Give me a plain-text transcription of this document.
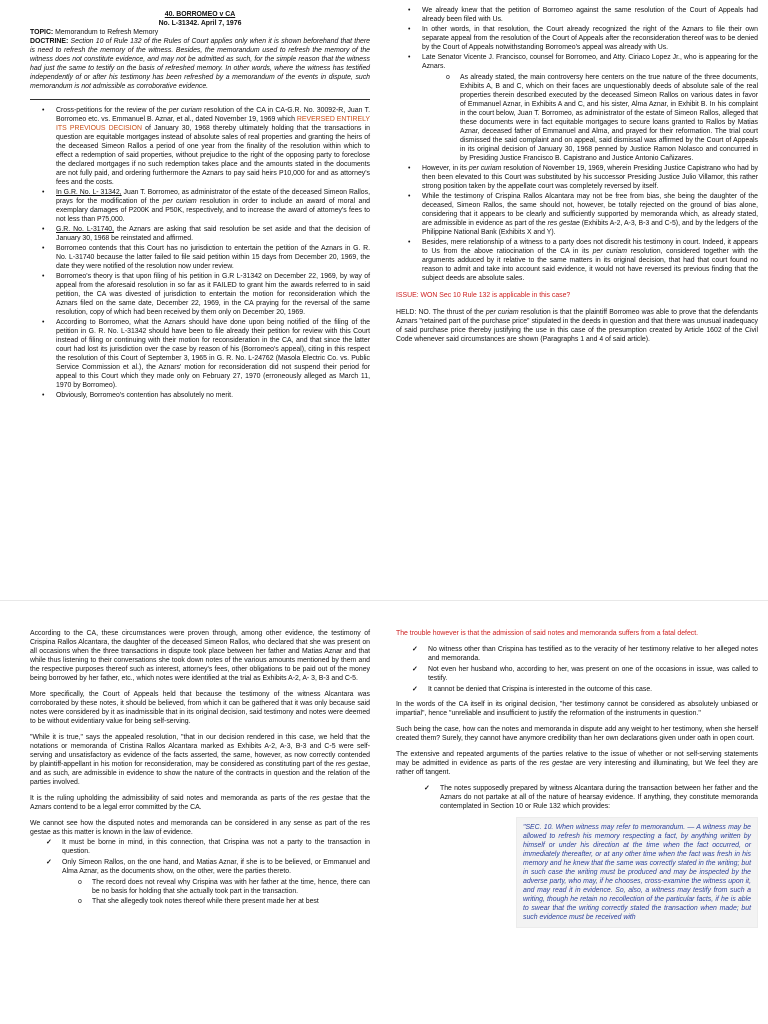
40. BORROMEO v CA
No. L-31342. April 7, 1976
TOPIC: Memorandum to Refresh Memory
DOCTRINE: Section 10 of Rule 132 of the Rules of Court applies only when it is shown beforehand that there is need to refresh the memory of the witness. Besides, the memorandum used to refresh the memory of the witness does not constitute evidence, and may not be admitted as such, for the simple reason that the witness had just the same to testify on the basis of refreshed memory. In other words, where the witness has testified independently of or after his testimony has been refreshed by a memorandum of the events in dispute, such memorandum is not admissible as corroborative evidence.
• Cross-petitions for the review of the per curiam resolution of the CA in CA-G.R. No. 30092-R, Juan T. Borromeo etc. vs. Emmanuel B. Aznar, et al., dated November 19, 1969 which REVERSED ENTIRELY ITS PREVIOUS DECISION of January 30, 1968 thereby ultimately holding that the transactions in question are equitable mortgages instead of absolute sales of real properties and granting the heirs of the deceased Simeon Rallos a period of one year from the finality of the resolution within which to effect a redemption of said properties, without prejudice to the right of the opposing party to foreclose the declared mortgages if no such redemption takes place and the amounts stated in the documents are not fully paid, and ordering furthermore the Aznars to pay said heirs P10,000 for and as attorney's fees and the costs.
• In G.R. No. L- 31342, Juan T. Borromeo, as administrator of the estate of the deceased Simeon Rallos, prays for the modification of the per curiam resolution in order to include an award of moral and exemplary damages of P200K and P50K, respectively, and to increase the award of attorney's fees to not less than P75,000.
• G.R. No. L-31740, the Aznars are asking that said resolution be set aside and that the decision of January 30, 1968 be reinstated and affirmed.
• Borromeo contends that this Court has no jurisdiction to entertain the petition of the Aznars in G. R. No. L-31740 because the latter failed to file said petition within 15 days from December 20, 1969, the date they were notified of the resolution now under review.
• Borromeo's theory is that upon filing of his petition in G.R L-31342 on December 22, 1969, by way of appeal from the aforesaid resolution in so far as it FAILED to grant him the awards referred to in said petition, the CA was divested of jurisdiction to entertain the motion for reconsideration which the Aznars filed on the same date, December 22, 1969, in the CA praying for the reversal of the same resolution, copy of which had been received by them only on December 20, 1969.
• According to Borromeo, what the Aznars should have done upon being notified of the filing of the petition in G. R. No. L-31342 should have been to file already their petition for review with this Court instead of filing or continuing with their motion for reconsideration in the CA, and that since the latter court had lost its jurisdiction over the case by reason of his (Borromeo's appeal), citing in this respect the resolution of this Court of September 3, 1965 in G. R. No. L-24762 (Masola Electric Co. vs. Public Service Commission et al.), the Aznars' motion for reconsideration did not suspend their period for appeal to this Court which they made only on February 27, 1970 (erroneously alleged as March 11, 1970 by Borromeo).
• Obviously, Borromeo's contention has absolutely no merit.
• We already knew that the petition of Borromeo against the same resolution of the Court of Appeals had already been filed with Us.
• In other words, in that resolution, the Court already recognized the right of the Aznars to file their own separate appeal from the resolution of the Court of Appeals after the reconsideration thereof was to be denied by the Court of Appeals notwithstanding Borromeo's appeal was already with Us.
• Late Senator Vicente J. Francisco, counsel for Borromeo, and Atty. Ciriaco Lopez Jr., who is appearing for the Aznars.
o As already stated, the main controversy here centers on the true nature of the three documents, Exhibits A, B and C, which on their faces are unquestionably deeds of absolute sale of the real properties therein described executed by the deceased Simeon Rallos on various dates in favor of Emmanuel Aznar, in Exhibits A and C, and his sister, Alma Aznar, in Exhibit B. In his complaint in the court below, Juan T. Borromeo, as administrator of the estate of Simeon Rallos, alleged that these documents were in fact equitable mortgages to secure loans granted to Rallos by Matias Aznar, deceased father of Emmanuel and Alma, and prayed for their reformation. The trial court dismissed the said complaint and on appeal, said dismissal was affirmed by the Court of Appeals in its original decision of January 30, 1968 penned by Justice Ramon Nolasco and concurred in by Presiding Justice Francisco B. Capistrano and Justice Antonio Cañizares.
• However, in its per curiam resolution of November 19, 1969, wherein Presiding Justice Capistrano who had by then been elevated to this Court was substituted by his successor Presiding Justice Julio Villamor, this rather strong position taken by the appellate court was completely reversed by itself.
• While the testimony of Crispina Rallos Alcantara may not be free from bias, she being the daughter of the deceased, Simeon Rallos, the same should not, however, be totally rejected on the ground of bias alone, considering that it appears to be clearly and sufficiently supported by memoranda which, as already stated, are admissible in evidence as part of the res gestae (Exhibits A-2, A-3, B-3 and C-5), and by the ledgers of the Philippine National Bank (Exhibits X and Y).
• Besides, mere relationship of a witness to a party does not discredit his testimony in court. Indeed, it appears to Us from the above ratiocination of the CA in its per curiam resolution, considered together with the arguments adduced by it relative to the same matters in its original decision, that had that court found no reason to admit and take into account said evidence, it would not have reversed its previous finding that the subject deeds are absolute sales.
ISSUE: WON Sec 10 Rule 132 is applicable in this case?

HELD: NO. The thrust of the per curiam resolution is that the plaintiff Borromeo was able to prove that the defendants Aznars "retained part of the purchase price" stipulated in the deeds in question and that there was unusual inadequacy of said purchase price thereby justifying the use in this case of the presumption created by Article 1602 of the Civil Code whenever said circumstances are shown (Paragraphs 1 and 4 of said article).

According to the CA, these circumstances were proven through, among other evidence, the testimony of Crispina Rallos Alcantara, the daughter of the deceased Simeon Rallos, who declared that she was present on all occasions when the three transactions in dispute took place between her father and Matias Aznar and that while thus listening to their conversations she took down notes of the various amounts mentioned by them and the respective purposes thereof such as interest, attorney's fees, other obligations to be paid out of the money being borrowed by her father, etc., which notes were identified at the trial as Exhibits A-2, A- 3, B-3 and C-5.

More specifically, the Court of Appeals held that because the testimony of the witness Alcantara was corroborated by these notes, it should be believed, from which it can be gathered that it was only because said notes were considered by it as inadmissible that in its original decision, said testimony and notes were deemed to be without evidentiary value for being self-serving.

"While it is true," says the appealed resolution, "that in our decision rendered in this case, we held that the notations or memoranda of Cristina Rallos Alcantara marked as Exhibits A-2, A-3, B-3 and C-5 were self-serving and unsatisfactory as evidence of the facts asserted, the same, however, as now correctly contended by plaintiff-appellant in his motion for reconsideration, may be considered as constituting part of the res gestae, and as such, are admissible in evidence to show the nature of the contracts in question and the relation of the parties involved.

It is the ruling upholding the admissibility of said notes and memoranda as parts of the res gestae that the Aznars contend to be a legal error committed by the CA.

We cannot see how the disputed notes and memoranda can be considered in any sense as part of the res gestae as this matter is known in the law of evidence.

✓ It must be borne in mind, in this connection, that Crispina was not a party to the transaction in question.
✓ Only Simeon Rallos, on the one hand, and Matias Aznar, if she is to be believed, or Emmanuel and Alma Aznar, as the documents show, on the other, were the parties thereto.
o The record does not reveal why Crispina was with her father at the time, hence, there can be no basis for holding that she actually took part in the transaction.
o That she allegedly took notes thereof while there present made her at best

The trouble however is that the admission of said notes and memoranda suffers from a fatal defect.

✓ No witness other than Crispina has testified as to the veracity of her testimony relative to her alleged notes and memoranda.
✓ Not even her husband who, according to her, was present on one of the occasions in issue, was called to testify.
✓ It cannot be denied that Crispina is interested in the outcome of this case.

In the words of the CA itself in its original decision, "her testimony cannot be considered as absolutely unbiased or impartial", hence "unreliable and insufficient to justify the reformation of the instruments in question."

Such being the case, how can the notes and memoranda in dispute add any weight to her testimony, when she herself created them? Surely, they cannot have anymore credibility than her own declarations given under oath in open court.

The extensive and repeated arguments of the parties relative to the issue of whether or not self-serving statements may be admitted in evidence as parts of the res gestae are very interesting and illuminating, but We feel they are rather off tangent.

✓ The notes supposedly prepared by witness Alcantara during the transaction between her father and the Aznars do not partake at all of the nature of hearsay evidence. If anything, they constitute memoranda contemplated in Section 10 or Rule 132 which provides:
"SEC. 10. When witness may refer to memorandum. — A witness may be allowed to refresh his memory respecting a fact, by anything written by himself or under his direction at the time when the fact occurred, or immediately thereafter, or at any other time when the fact was fresh in his memory and he knew that the same was correctly stated in the writing; but in such case the writing must be produced and may be inspected by the adverse party, who may, if he chooses, cross-examine the witness upon it, and may read it in evidence. So, also, a witness may testify from such a writing, though he retain no recollection of the particular facts, if he is able to swear that the writing correctly stated the transaction when made; but such evidence must be received with
